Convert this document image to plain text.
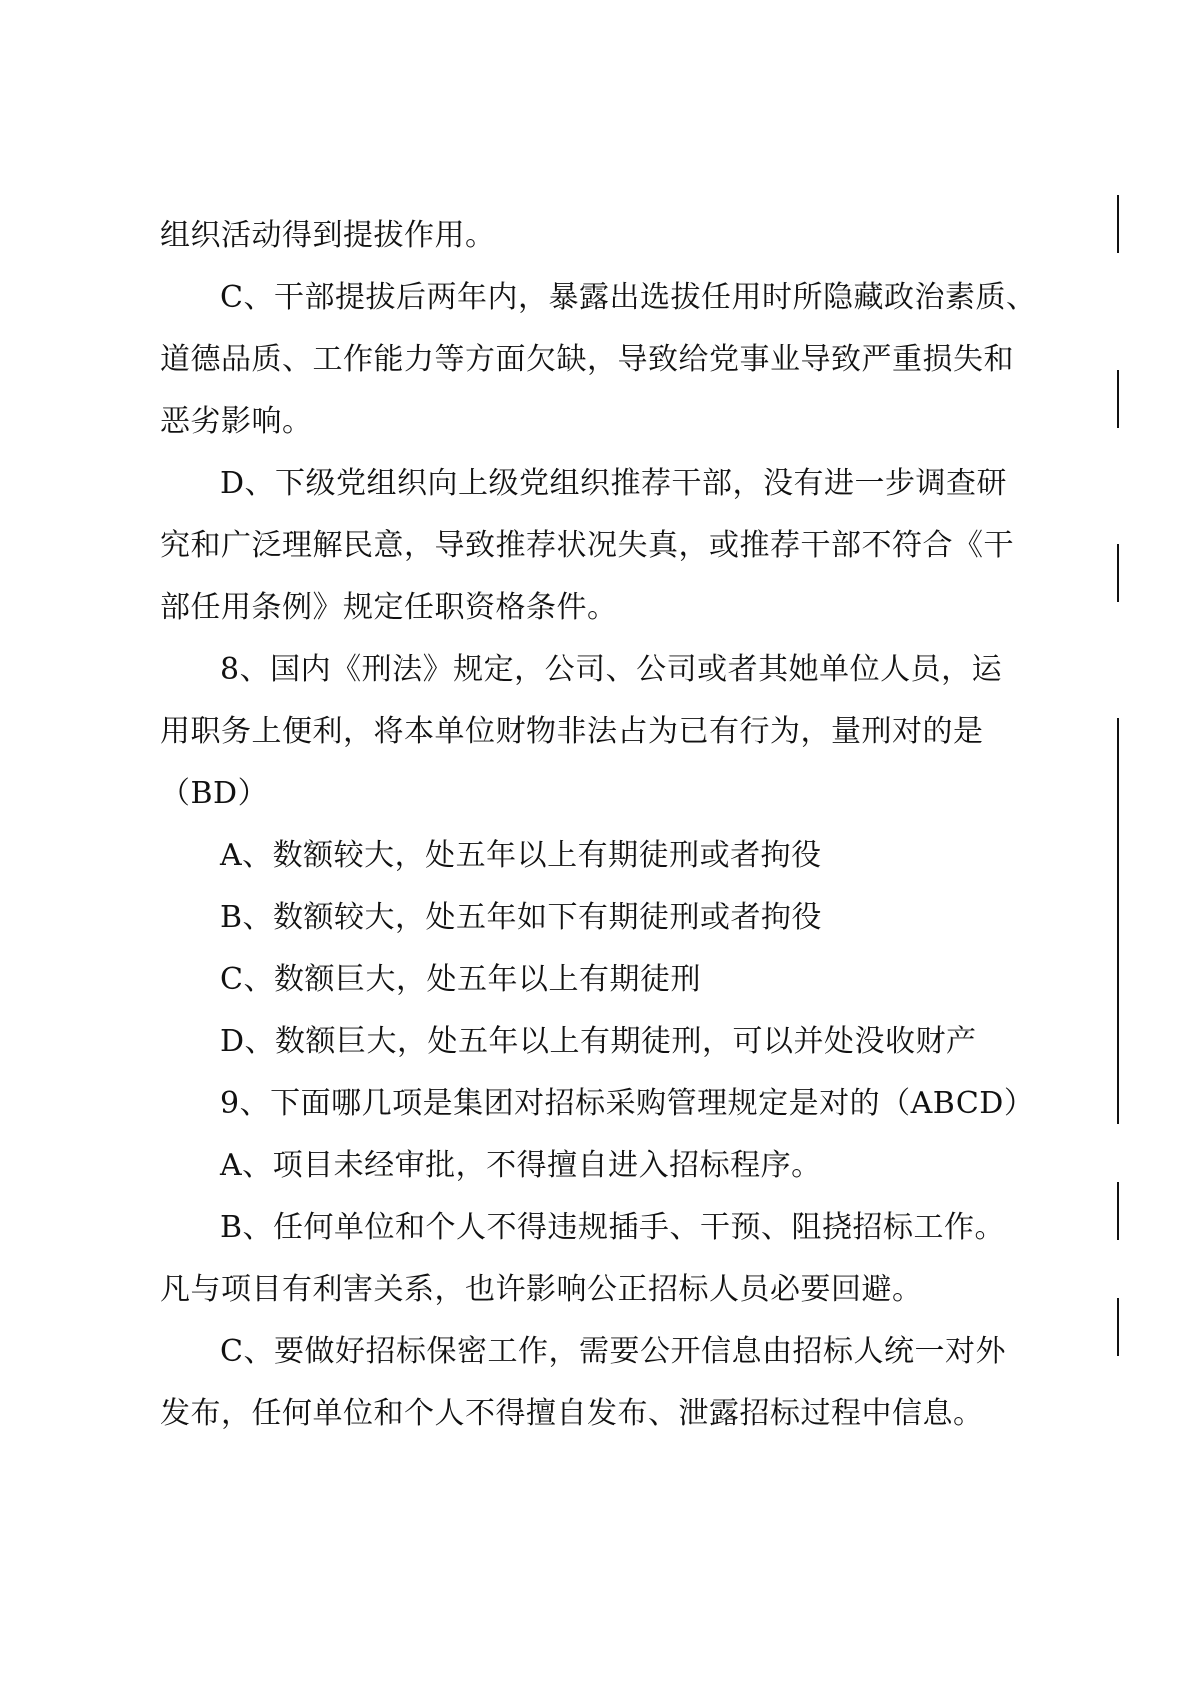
组织活动得到提拔作用。
C、干部提拔后两年内，暴露出选拔任用时所隐藏政治素质、
道德品质、工作能力等方面欠缺，导致给党事业导致严重损失和
恶劣影响。
D、下级党组织向上级党组织推荐干部，没有进一步调查研
究和广泛理解民意，导致推荐状况失真，或推荐干部不符合《干
部任用条例》规定任职资格条件。
8、国内《刑法》规定，公司、公司或者其她单位人员，运
用职务上便利，将本单位财物非法占为已有行为，量刑对的是
（BD）
A、数额较大，处五年以上有期徒刑或者拘役
B、数额较大，处五年如下有期徒刑或者拘役
C、数额巨大，处五年以上有期徒刑
D、数额巨大，处五年以上有期徒刑，可以并处没收财产
9、下面哪几项是集团对招标采购管理规定是对的（ABCD）
A、项目未经审批，不得擅自进入招标程序。
B、任何单位和个人不得违规插手、干预、阻挠招标工作。
凡与项目有利害关系，也许影响公正招标人员必要回避。
C、要做好招标保密工作，需要公开信息由招标人统一对外
发布，任何单位和个人不得擅自发布、泄露招标过程中信息。
